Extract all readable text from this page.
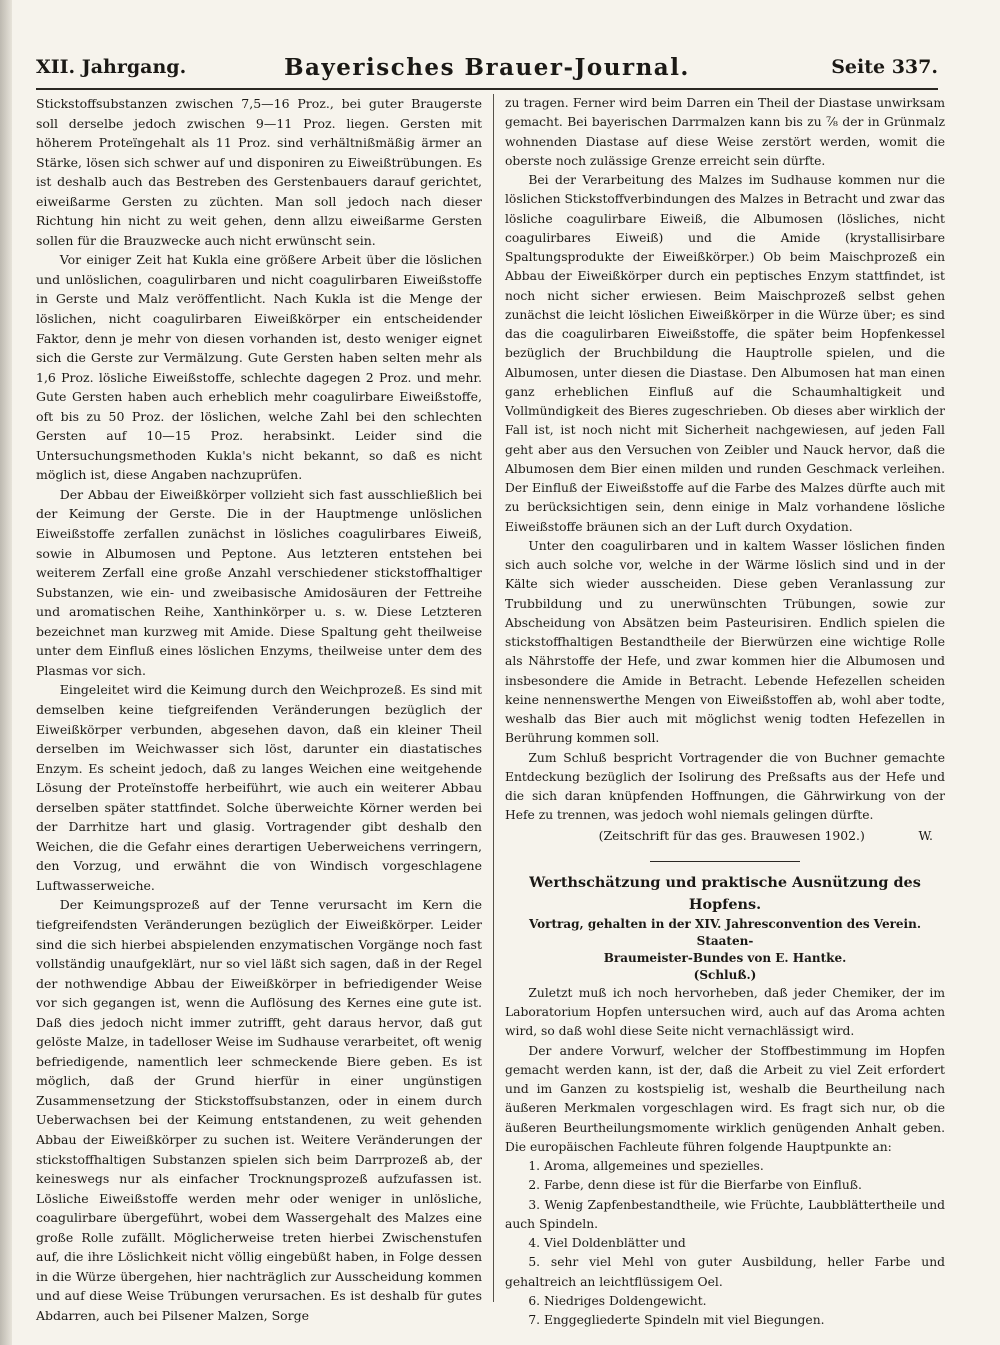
XII. Jahrgang.	Bayerisches Brauer-Journal.	Seite 337.

Stickstoffsubstanzen zwischen 7,5—16 Proz., bei guter Braugerste soll derselbe jedoch zwischen 9—11 Proz. liegen. Gersten mit höherem Proteïngehalt als 11 Proz. sind verhältnißmäßig ärmer an Stärke, lösen sich schwer auf und disponiren zu Eiweißtrübungen. Es ist deshalb auch das Bestreben des Gerstenbauers darauf gerichtet, eiweißarme Gersten zu züchten. Man soll jedoch nach dieser Richtung hin nicht zu weit gehen, denn allzu eiweißarme Gersten sollen für die Brauzwecke auch nicht erwünscht sein.

Vor einiger Zeit hat Kukla eine größere Arbeit über die löslichen und unlöslichen, coagulirbaren und nicht coagulirbaren Eiweißstoffe in Gerste und Malz veröffentlicht. Nach Kukla ist die Menge der löslichen, nicht coagulirbaren Eiweißkörper ein entscheidender Faktor, denn je mehr von diesen vorhanden ist, desto weniger eignet sich die Gerste zur Vermälzung. Gute Gersten haben selten mehr als 1,6 Proz. lösliche Eiweißstoffe, schlechte dagegen 2 Proz. und mehr. Gute Gersten haben auch erheblich mehr coagulirbare Eiweißstoffe, oft bis zu 50 Proz. der löslichen, welche Zahl bei den schlechten Gersten auf 10—15 Proz. herabsinkt. Leider sind die Untersuchungsmethoden Kukla's nicht bekannt, so daß es nicht möglich ist, diese Angaben nachzuprüfen.

Der Abbau der Eiweißkörper vollzieht sich fast ausschließlich bei der Keimung der Gerste. Die in der Hauptmenge unlöslichen Eiweißstoffe zerfallen zunächst in lösliches coagulirbares Eiweiß, sowie in Albumosen und Peptone. Aus letzteren entstehen bei weiterem Zerfall eine große Anzahl verschiedener stickstoffhaltiger Substanzen, wie ein- und zweibasische Amidosäuren der Fettreihe und aromatischen Reihe, Xanthinkörper u. s. w. Diese Letzteren bezeichnet man kurzweg mit Amide. Diese Spaltung geht theilweise unter dem Einfluß eines löslichen Enzyms, theilweise unter dem des Plasmas vor sich.

Eingeleitet wird die Keimung durch den Weichprozeß. Es sind mit demselben keine tiefgreifenden Veränderungen bezüglich der Eiweißkörper verbunden, abgesehen davon, daß ein kleiner Theil derselben im Weichwasser sich löst, darunter ein diastatisches Enzym. Es scheint jedoch, daß zu langes Weichen eine weitgehende Lösung der Proteïnstoffe herbeiführt, wie auch ein weiterer Abbau derselben später stattfindet. Solche überweichte Körner werden bei der Darrhitze hart und glasig. Vortragender gibt deshalb den Weichen, die die Gefahr eines derartigen Ueberweichens verringern, den Vorzug, und erwähnt die von Windisch vorgeschlagene Luftwasserweiche.

Der Keimungsprozeß auf der Tenne verursacht im Kern die tiefgreifendsten Veränderungen bezüglich der Eiweißkörper. Leider sind die sich hierbei abspielenden enzymatischen Vorgänge noch fast vollständig unaufgeklärt, nur so viel läßt sich sagen, daß in der Regel der nothwendige Abbau der Eiweißkörper in befriedigender Weise vor sich gegangen ist, wenn die Auflösung des Kernes eine gute ist. Daß dies jedoch nicht immer zutrifft, geht daraus hervor, daß gut gelöste Malze, in tadelloser Weise im Sudhause verarbeitet, oft wenig befriedigende, namentlich leer schmeckende Biere geben. Es ist möglich, daß der Grund hierfür in einer ungünstigen Zusammensetzung der Stickstoffsubstanzen, oder in einem durch Ueberwachsen bei der Keimung entstandenen, zu weit gehenden Abbau der Eiweißkörper zu suchen ist. Weitere Veränderungen der stickstoffhaltigen Substanzen spielen sich beim Darrprozeß ab, der keineswegs nur als einfacher Trocknungsprozeß aufzufassen ist. Lösliche Eiweißstoffe werden mehr oder weniger in unlösliche, coagulirbare übergeführt, wobei dem Wassergehalt des Malzes eine große Rolle zufällt. Möglicherweise treten hierbei Zwischenstufen auf, die ihre Löslichkeit nicht völlig eingebüßt haben, in Folge dessen in die Würze übergehen, hier nachträglich zur Ausscheidung kommen und auf diese Weise Trübungen verursachen. Es ist deshalb für gutes Abdarren, auch bei Pilsener Malzen, Sorge

zu tragen. Ferner wird beim Darren ein Theil der Diastase unwirksam gemacht. Bei bayerischen Darrmalzen kann bis zu ⁷⁄₈ der in Grünmalz wohnenden Diastase auf diese Weise zerstört werden, womit die oberste noch zulässige Grenze erreicht sein dürfte.

Bei der Verarbeitung des Malzes im Sudhause kommen nur die löslichen Stickstoffverbindungen des Malzes in Betracht und zwar das lösliche coagulirbare Eiweiß, die Albumosen (lösliches, nicht coagulirbares Eiweiß) und die Amide (krystallisirbare Spaltungsprodukte der Eiweißkörper.) Ob beim Maischprozeß ein Abbau der Eiweißkörper durch ein peptisches Enzym stattfindet, ist noch nicht sicher erwiesen. Beim Maischprozeß selbst gehen zunächst die leicht löslichen Eiweißkörper in die Würze über; es sind das die coagulirbaren Eiweißstoffe, die später beim Hopfenkessel bezüglich der Bruchbildung die Hauptrolle spielen, und die Albumosen, unter diesen die Diastase. Den Albumosen hat man einen ganz erheblichen Einfluß auf die Schaumhaltigkeit und Vollmündigkeit des Bieres zugeschrieben. Ob dieses aber wirklich der Fall ist, ist noch nicht mit Sicherheit nachgewiesen, auf jeden Fall geht aber aus den Versuchen von Zeibler und Nauck hervor, daß die Albumosen dem Bier einen milden und runden Geschmack verleihen. Der Einfluß der Eiweißstoffe auf die Farbe des Malzes dürfte auch mit zu berücksichtigen sein, denn einige in Malz vorhandene lösliche Eiweißstoffe bräunen sich an der Luft durch Oxydation.

Unter den coagulirbaren und in kaltem Wasser löslichen finden sich auch solche vor, welche in der Wärme löslich sind und in der Kälte sich wieder ausscheiden. Diese geben Veranlassung zur Trubbildung und zu unerwünschten Trübungen, sowie zur Abscheidung von Absätzen beim Pasteurisiren. Endlich spielen die stickstoffhaltigen Bestandtheile der Bierwürzen eine wichtige Rolle als Nährstoffe der Hefe, und zwar kommen hier die Albumosen und insbesondere die Amide in Betracht. Lebende Hefezellen scheiden keine nennenswerthe Mengen von Eiweißstoffen ab, wohl aber todte, weshalb das Bier auch mit möglichst wenig todten Hefezellen in Berührung kommen soll.

Zum Schluß bespricht Vortragender die von Buchner gemachte Entdeckung bezüglich der Isolirung des Preßsafts aus der Hefe und die sich daran knüpfenden Hoffnungen, die Gährwirkung von der Hefe zu trennen, was jedoch wohl niemals gelingen dürfte.

(Zeitschrift für das ges. Brauwesen 1902.)	W.

Werthschätzung und praktische Ausnützung des Hopfens.

Vortrag, gehalten in der XIV. Jahresconvention des Verein. Staaten-

Braumeister-Bundes von E. Hantke.

(Schluß.)

Zuletzt muß ich noch hervorheben, daß jeder Chemiker, der im Laboratorium Hopfen untersuchen wird, auch auf das Aroma achten wird, so daß wohl diese Seite nicht vernachlässigt wird.

Der andere Vorwurf, welcher der Stoffbestimmung im Hopfen gemacht werden kann, ist der, daß die Arbeit zu viel Zeit erfordert und im Ganzen zu kostspielig ist, weshalb die Beurtheilung nach äußeren Merkmalen vorgeschlagen wird. Es fragt sich nur, ob die äußeren Beurtheilungsmomente wirklich genügenden Anhalt geben. Die europäischen Fachleute führen folgende Hauptpunkte an:

1. Aroma, allgemeines und spezielles.

2. Farbe, denn diese ist für die Bierfarbe von Einfluß.

3. Wenig Zapfenbestandtheile, wie Früchte, Laubblättertheile und auch Spindeln.

4. Viel Doldenblätter und

5. sehr viel Mehl von guter Ausbildung, heller Farbe und gehaltreich an leichtflüssigem Oel.

6. Niedriges Doldengewicht.

7. Enggegliederte Spindeln mit viel Biegungen.
